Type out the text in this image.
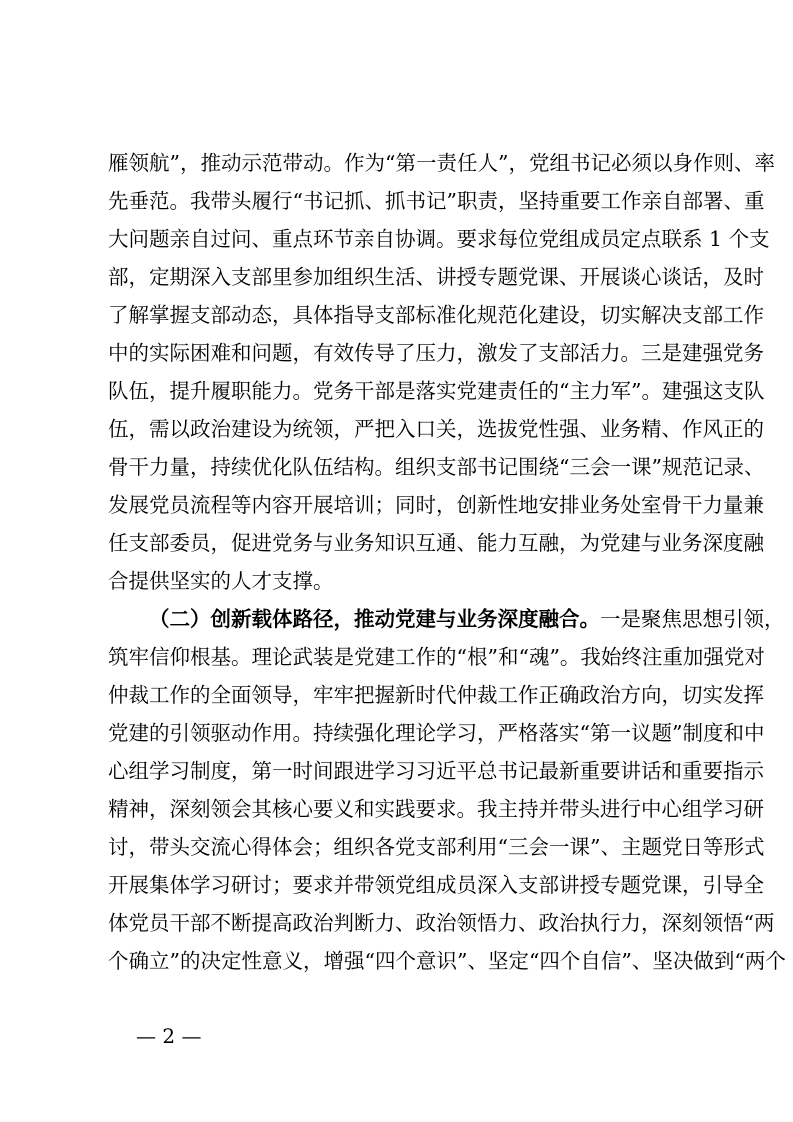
雁领航”，推动示范带动。作为“第一责任人”，党组书记必须以身作则、率
先垂范。我带头履行“书记抓、抓书记”职责，坚持重要工作亲自部署、重
大问题亲自过问、重点环节亲自协调。要求每位党组成员定点联系 1 个支
部，定期深入支部里参加组织生活、讲授专题党课、开展谈心谈话，及时
了解掌握支部动态，具体指导支部标准化规范化建设，切实解决支部工作
中的实际困难和问题，有效传导了压力，激发了支部活力。三是建强党务
队伍，提升履职能力。党务干部是落实党建责任的“主力军”。建强这支队
伍，需以政治建设为统领，严把入口关，选拔党性强、业务精、作风正的
骨干力量，持续优化队伍结构。组织支部书记围绕“三会一课”规范记录、
发展党员流程等内容开展培训；同时，创新性地安排业务处室骨干力量兼
任支部委员，促进党务与业务知识互通、能力互融，为党建与业务深度融
合提供坚实的人才支撑。
（二）创新载体路径，推动党建与业务深度融合。一是聚焦思想引领，
筑牢信仰根基。理论武装是党建工作的“根”和“魂”。我始终注重加强党对
仲裁工作的全面领导，牢牢把握新时代仲裁工作正确政治方向，切实发挥
党建的引领驱动作用。持续强化理论学习，严格落实“第一议题”制度和中
心组学习制度，第一时间跟进学习习近平总书记最新重要讲话和重要指示
精神，深刻领会其核心要义和实践要求。我主持并带头进行中心组学习研
讨，带头交流心得体会；组织各党支部利用“三会一课”、主题党日等形式
开展集体学习研讨；要求并带领党组成员深入支部讲授专题党课，引导全
体党员干部不断提高政治判断力、政治领悟力、政治执行力，深刻领悟“两
个确立”的决定性意义，增强“四个意识”、坚定“四个自信”、坚决做到“两个
— 2 —
